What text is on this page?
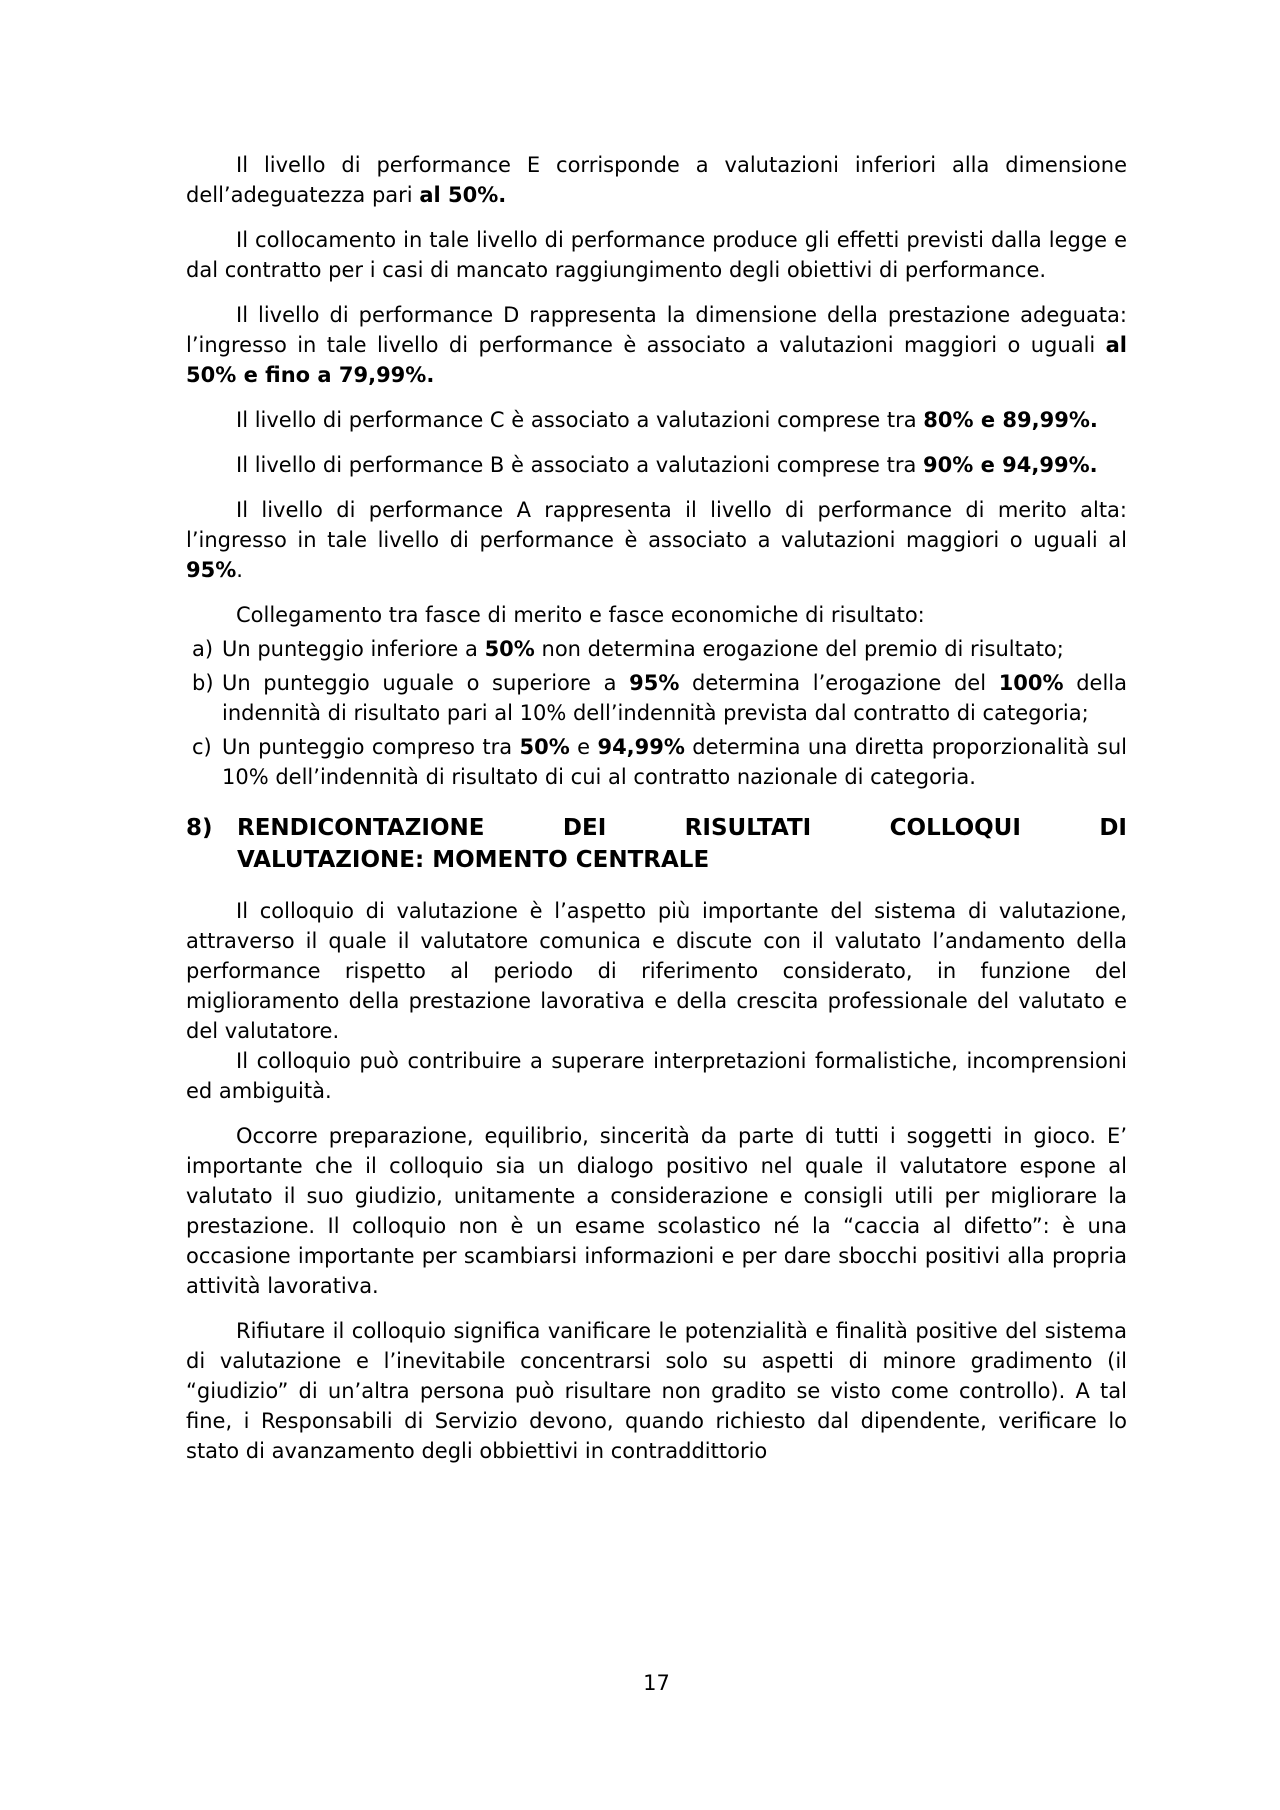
Il livello di performance E corrisponde a valutazioni inferiori alla dimensione dell’adeguatezza pari al 50%.
Il collocamento in tale livello di performance produce gli effetti previsti dalla legge e dal contratto per i casi di mancato raggiungimento degli obiettivi di performance.
Il livello di performance D rappresenta la dimensione della prestazione adeguata: l’ingresso in tale livello di performance è associato a valutazioni maggiori o uguali al 50% e fino a 79,99%.
Il livello di performance C è associato a valutazioni comprese tra 80% e 89,99%.
Il livello di performance B è associato a valutazioni comprese tra 90% e 94,99%.
Il livello di performance A rappresenta il livello di performance di merito alta: l’ingresso in tale livello di performance è associato a valutazioni maggiori o uguali al 95%.
Collegamento tra fasce di merito e fasce economiche di risultato:
a) Un punteggio inferiore a 50% non determina erogazione del premio di risultato;
b) Un punteggio uguale o superiore a 95% determina l’erogazione del 100% della indennità di risultato pari al 10% dell’indennità prevista dal contratto di categoria;
c) Un punteggio compreso tra 50% e 94,99% determina una diretta proporzionalità sul 10% dell’indennità di risultato di cui al contratto nazionale di categoria.
8) RENDICONTAZIONE DEI RISULTATI COLLOQUI DI
VALUTAZIONE: MOMENTO CENTRALE
Il colloquio di valutazione è l’aspetto più importante del sistema di valutazione, attraverso il quale il valutatore comunica e discute con il valutato l’andamento della performance rispetto al periodo di riferimento considerato, in funzione del miglioramento della prestazione lavorativa e della crescita professionale del valutato e del valutatore.
Il colloquio può contribuire a superare interpretazioni formalistiche, incomprensioni ed ambiguità.
Occorre preparazione, equilibrio, sincerità da parte di tutti i soggetti in gioco. E’ importante che il colloquio sia un dialogo positivo nel quale il valutatore espone al valutato il suo giudizio, unitamente a considerazione e consigli utili per migliorare la prestazione. Il colloquio non è un esame scolastico né la “caccia al difetto”: è una occasione importante per scambiarsi informazioni e per dare sbocchi positivi alla propria attività lavorativa.
Rifiutare il colloquio significa vanificare le potenzialità e finalità positive del sistema di valutazione e l’inevitabile concentrarsi solo su aspetti di minore gradimento (il “giudizio” di un’altra persona può risultare non gradito se visto come controllo). A tal fine, i Responsabili di Servizio devono, quando richiesto dal dipendente, verificare lo stato di avanzamento degli obbiettivi in contraddittorio
17
